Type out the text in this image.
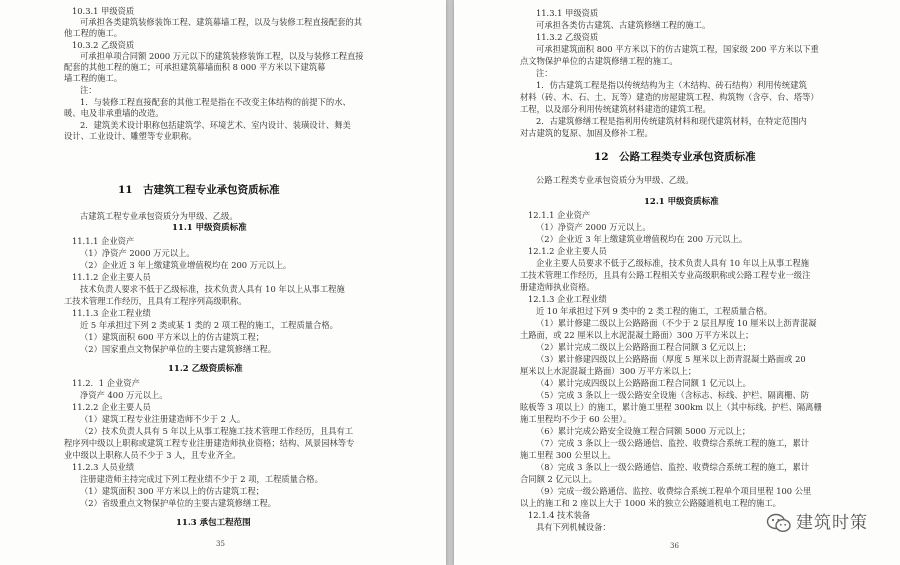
10.3.1 甲级资质
可承担各类建筑装修装饰工程、建筑幕墙工程，以及与装修工程直接配套的其
他工程的施工。
10.3.2 乙级资质
可承担单项合同额 2000 万元以下的建筑装修装饰工程，以及与装修工程直接
配套的其他工程的施工；可承担建筑幕墙面积 8 000 平方米以下建筑幕
墙工程的施工。
注：
1．与装修工程直接配套的其他工程是指在不改变主体结构的前提下的水、
暖、电及非承重墙的改造。
2．建筑美术设计职称包括建筑学、环境艺术、室内设计、装璜设计、舞美
设计、工业设计、雕塑等专业职称。
11　古建筑工程专业承包资质标准
古建筑工程专业承包资质分为甲级、乙级。
11.1 甲级资质标准
11.1.1 企业资产
（1）净资产 2000 万元以上。
（2）企业近 3 年上缴建筑业增值税均在 200 万元以上。
11.1.2 企业主要人员
技术负责人要求不低于乙级标准，技术负责人具有 10 年以上从事工程施
工技术管理工作经历，且具有工程序列高级职称。
11.1.3 企业工程业绩
近 5 年承担过下列 2 类或某 1 类的 2 项工程的施工，工程质量合格。
（1）建筑面积 600 平方米以上的仿古建筑工程；
（2）国家重点文物保护单位的主要古建筑修缮工程。
11.2 乙级资质标准
11.2．1 企业资产
净资产 400 万元以上。
11.2.2 企业主要人员
（1）建筑工程专业注册建造师不少于 2 人。
（2）技术负责人具有 5 年以上从事工程施工技术管理工作经历，且具有工
程序列中级以上职称或建筑工程专业注册建造师执业资格；结构、风景园林等专
业中级以上职称人员不少于 3 人，且专业齐全。
11.2.3 人员业绩
注册建造师主持完成过下列工程业绩不少于 2 项，工程质量合格。
（1）建筑面积 300 平方米以上的仿古建筑工程；
（2）省级重点文物保护单位的主要古建筑修缮工程。
11.3 承包工程范围
35
11.3.1 甲级资质
可承担各类仿古建筑、古建筑修缮工程的施工。
11.3.2 乙级资质
可承担建筑面积 800 平方米以下的仿古建筑工程，国家级 200 平方米以下重
点文物保护单位的古建筑修缮工程的施工。
注：
1．仿古建筑工程是指以传统结构为主（木结构、砖石结构）利用传统建筑
材料（砖、木、石、土、瓦等）建造的房屋建筑工程、构筑物（含亭、台、塔等）
工程，以及部分利用传统建筑材料建造的建筑工程。
2．古建筑修缮工程是指利用传统建筑材料和现代建筑材料，在特定范围内
对古建筑的复原、加固及修补工程。
12　公路工程类专业承包资质标准
公路工程类专业承包资质分为甲级、乙级。
12.1 甲级资质标准
12.1.1 企业资产
（1）净资产 2000 万元以上。
（2）企业近 3 年上缴建筑业增值税均在 200 万元以上。
12.1.2 企业主要人员
企业主要人员要求不低于乙级标准，技术负责人具有 10 年以上从事工程施
工技术管理工作经历，且具有公路工程相关专业高级职称或公路工程专业一级注
册建造师执业资格。
12.1.3 企业工程业绩
近 10 年承担过下列 9 类中的 2 类工程的施工，工程质量合格。
（1）累计修建二级以上公路路面（不少于 2 层且厚度 10 厘米以上沥青混凝
土路面，或 22 厘米以上水泥混凝土路面）300 万平方米以上；
（2）累计完成二级以上公路路面工程合同额 3 亿元以上；
（3）累计修建四级以上公路路面（厚度 5 厘米以上沥青混凝土路面或 20
厘米以上水泥混凝土路面）300 万平方米以上；
（4）累计完成四级以上公路路面工程合同额 1 亿元以上。
（5）完成 3 条以上一级公路安全设施（含标志、标线、护栏、隔离栅、防
眩板等 3 项以上）的施工，累计施工里程 300km 以上（其中标线、护栏、隔离栅
施工里程均不少于 60 公里）。
（6）累计完成公路安全设施工程合同额 5000 万元以上；
（7）完成 3 条以上一级公路通信、监控、收费综合系统工程的施工，累计
施工里程 300 公里以上。
（8）完成 3 条以上一级公路通信、监控、收费综合系统工程的施工，累计
合同额 2 亿元以上。
（9）完成一级公路通信、监控、收费综合系统工程单个项目里程 100 公里
以上的施工和 2 座以上大于 1000 米的独立公路隧道机电工程的施工。
12.1.4 技术装备
具有下列机械设备：
36
建筑时策
